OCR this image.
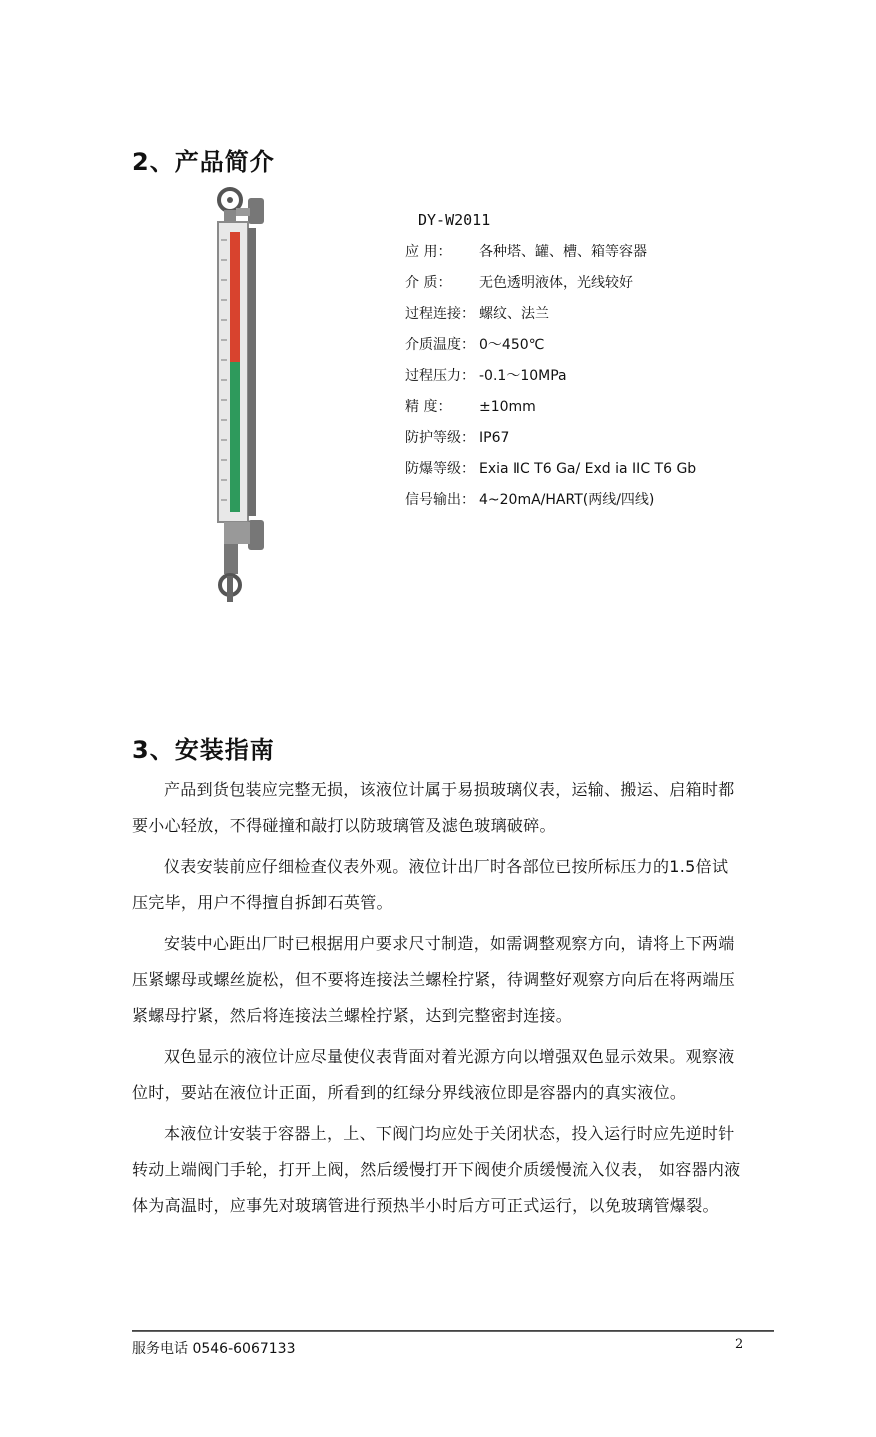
2、产品简介

DY-W2011

应 用： 各种塔、罐、槽、箱等容器
介 质： 无色透明液体，光线较好
过程连接： 螺纹、法兰
介质温度： 0～450℃
过程压力： -0.1～10MPa
精 度： ±10mm
防护等级： IP67
防爆等级： Exia ⅡC T6 Ga/ Exd ia IIC T6 Gb
信号输出： 4~20mA/HART(两线/四线)
3、安装指南

产品到货包装应完整无损，该液位计属于易损玻璃仪表，运输、搬运、启箱时都要小心轻放，不得碰撞和敲打以防玻璃管及滤色玻璃破碎。

仪表安装前应仔细检查仪表外观。液位计出厂时各部位已按所标压力的1.5倍试压完毕，用户不得擅自拆卸石英管。

安装中心距出厂时已根据用户要求尺寸制造，如需调整观察方向，请将上下两端压紧螺母或螺丝旋松，但不要将连接法兰螺栓拧紧，待调整好观察方向后在将两端压紧螺母拧紧，然后将连接法兰螺栓拧紧，达到完整密封连接。

双色显示的液位计应尽量使仪表背面对着光源方向以增强双色显示效果。观察液位时，要站在液位计正面，所看到的红绿分界线液位即是容器内的真实液位。

本液位计安装于容器上，上、下阀门均应处于关闭状态，投入运行时应先逆时针转动上端阀门手轮，打开上阀，然后缓慢打开下阀使介质缓慢流入仪表， 如容器内液体为高温时，应事先对玻璃管进行预热半小时后方可正式运行，以免玻璃管爆裂。

服务电话 0546-6067133	2
